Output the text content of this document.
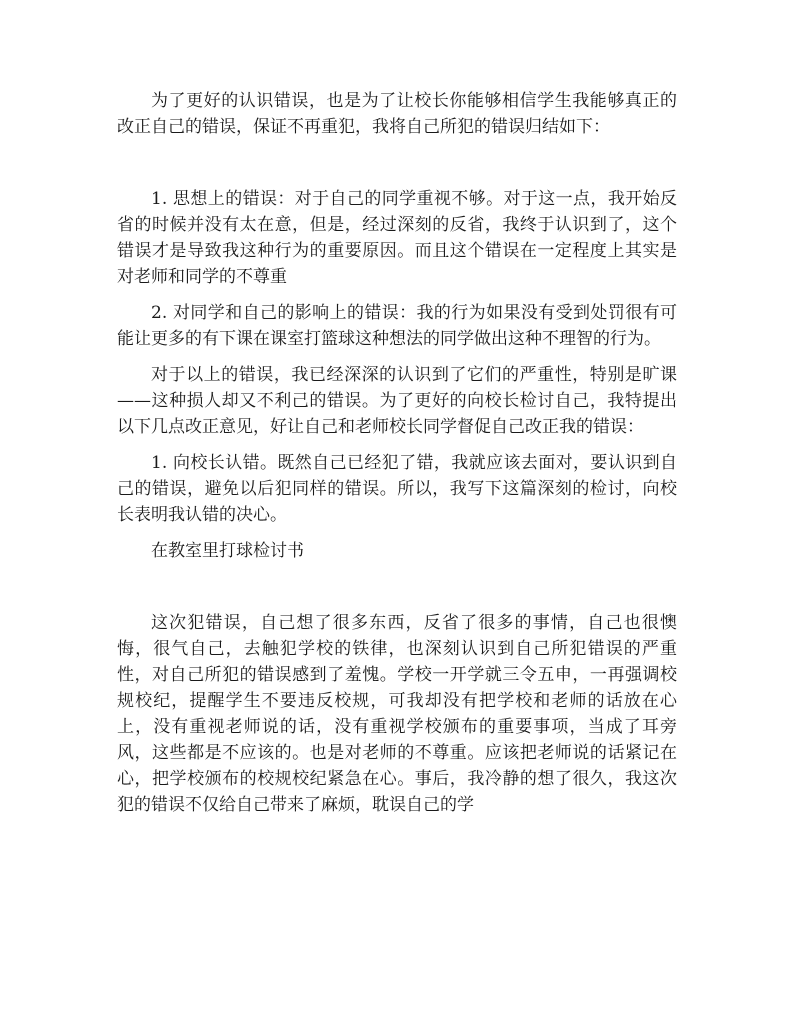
为了更好的认识错误，也是为了让校长你能够相信学生我能够真正的改正自己的错误，保证不再重犯，我将自己所犯的错误归结如下：

1. 思想上的错误：对于自己的同学重视不够。对于这一点，我开始反省的时候并没有太在意，但是，经过深刻的反省，我终于认识到了，这个错误才是导致我这种行为的重要原因。而且这个错误在一定程度上其实是对老师和同学的不尊重

2. 对同学和自己的影响上的错误：我的行为如果没有受到处罚很有可能让更多的有下课在课室打篮球这种想法的同学做出这种不理智的行为。

对于以上的错误，我已经深深的认识到了它们的严重性，特别是旷课——这种损人却又不利己的错误。为了更好的向校长检讨自己，我特提出以下几点改正意见，好让自己和老师校长同学督促自己改正我的错误：

1. 向校长认错。既然自己已经犯了错，我就应该去面对，要认识到自己的错误，避免以后犯同样的错误。所以，我写下这篇深刻的检讨，向校长表明我认错的决心。

在教室里打球检讨书

这次犯错误，自己想了很多东西，反省了很多的事情，自己也很懊悔，很气自己，去触犯学校的铁律，也深刻认识到自己所犯错误的严重性，对自己所犯的错误感到了羞愧。学校一开学就三令五申，一再强调校规校纪，提醒学生不要违反校规，可我却没有把学校和老师的话放在心上，没有重视老师说的话，没有重视学校颁布的重要事项，当成了耳旁风，这些都是不应该的。也是对老师的不尊重。应该把老师说的话紧记在心，把学校颁布的校规校纪紧急在心。事后，我冷静的想了很久，我这次犯的错误不仅给自己带来了麻烦，耽误自己的学
